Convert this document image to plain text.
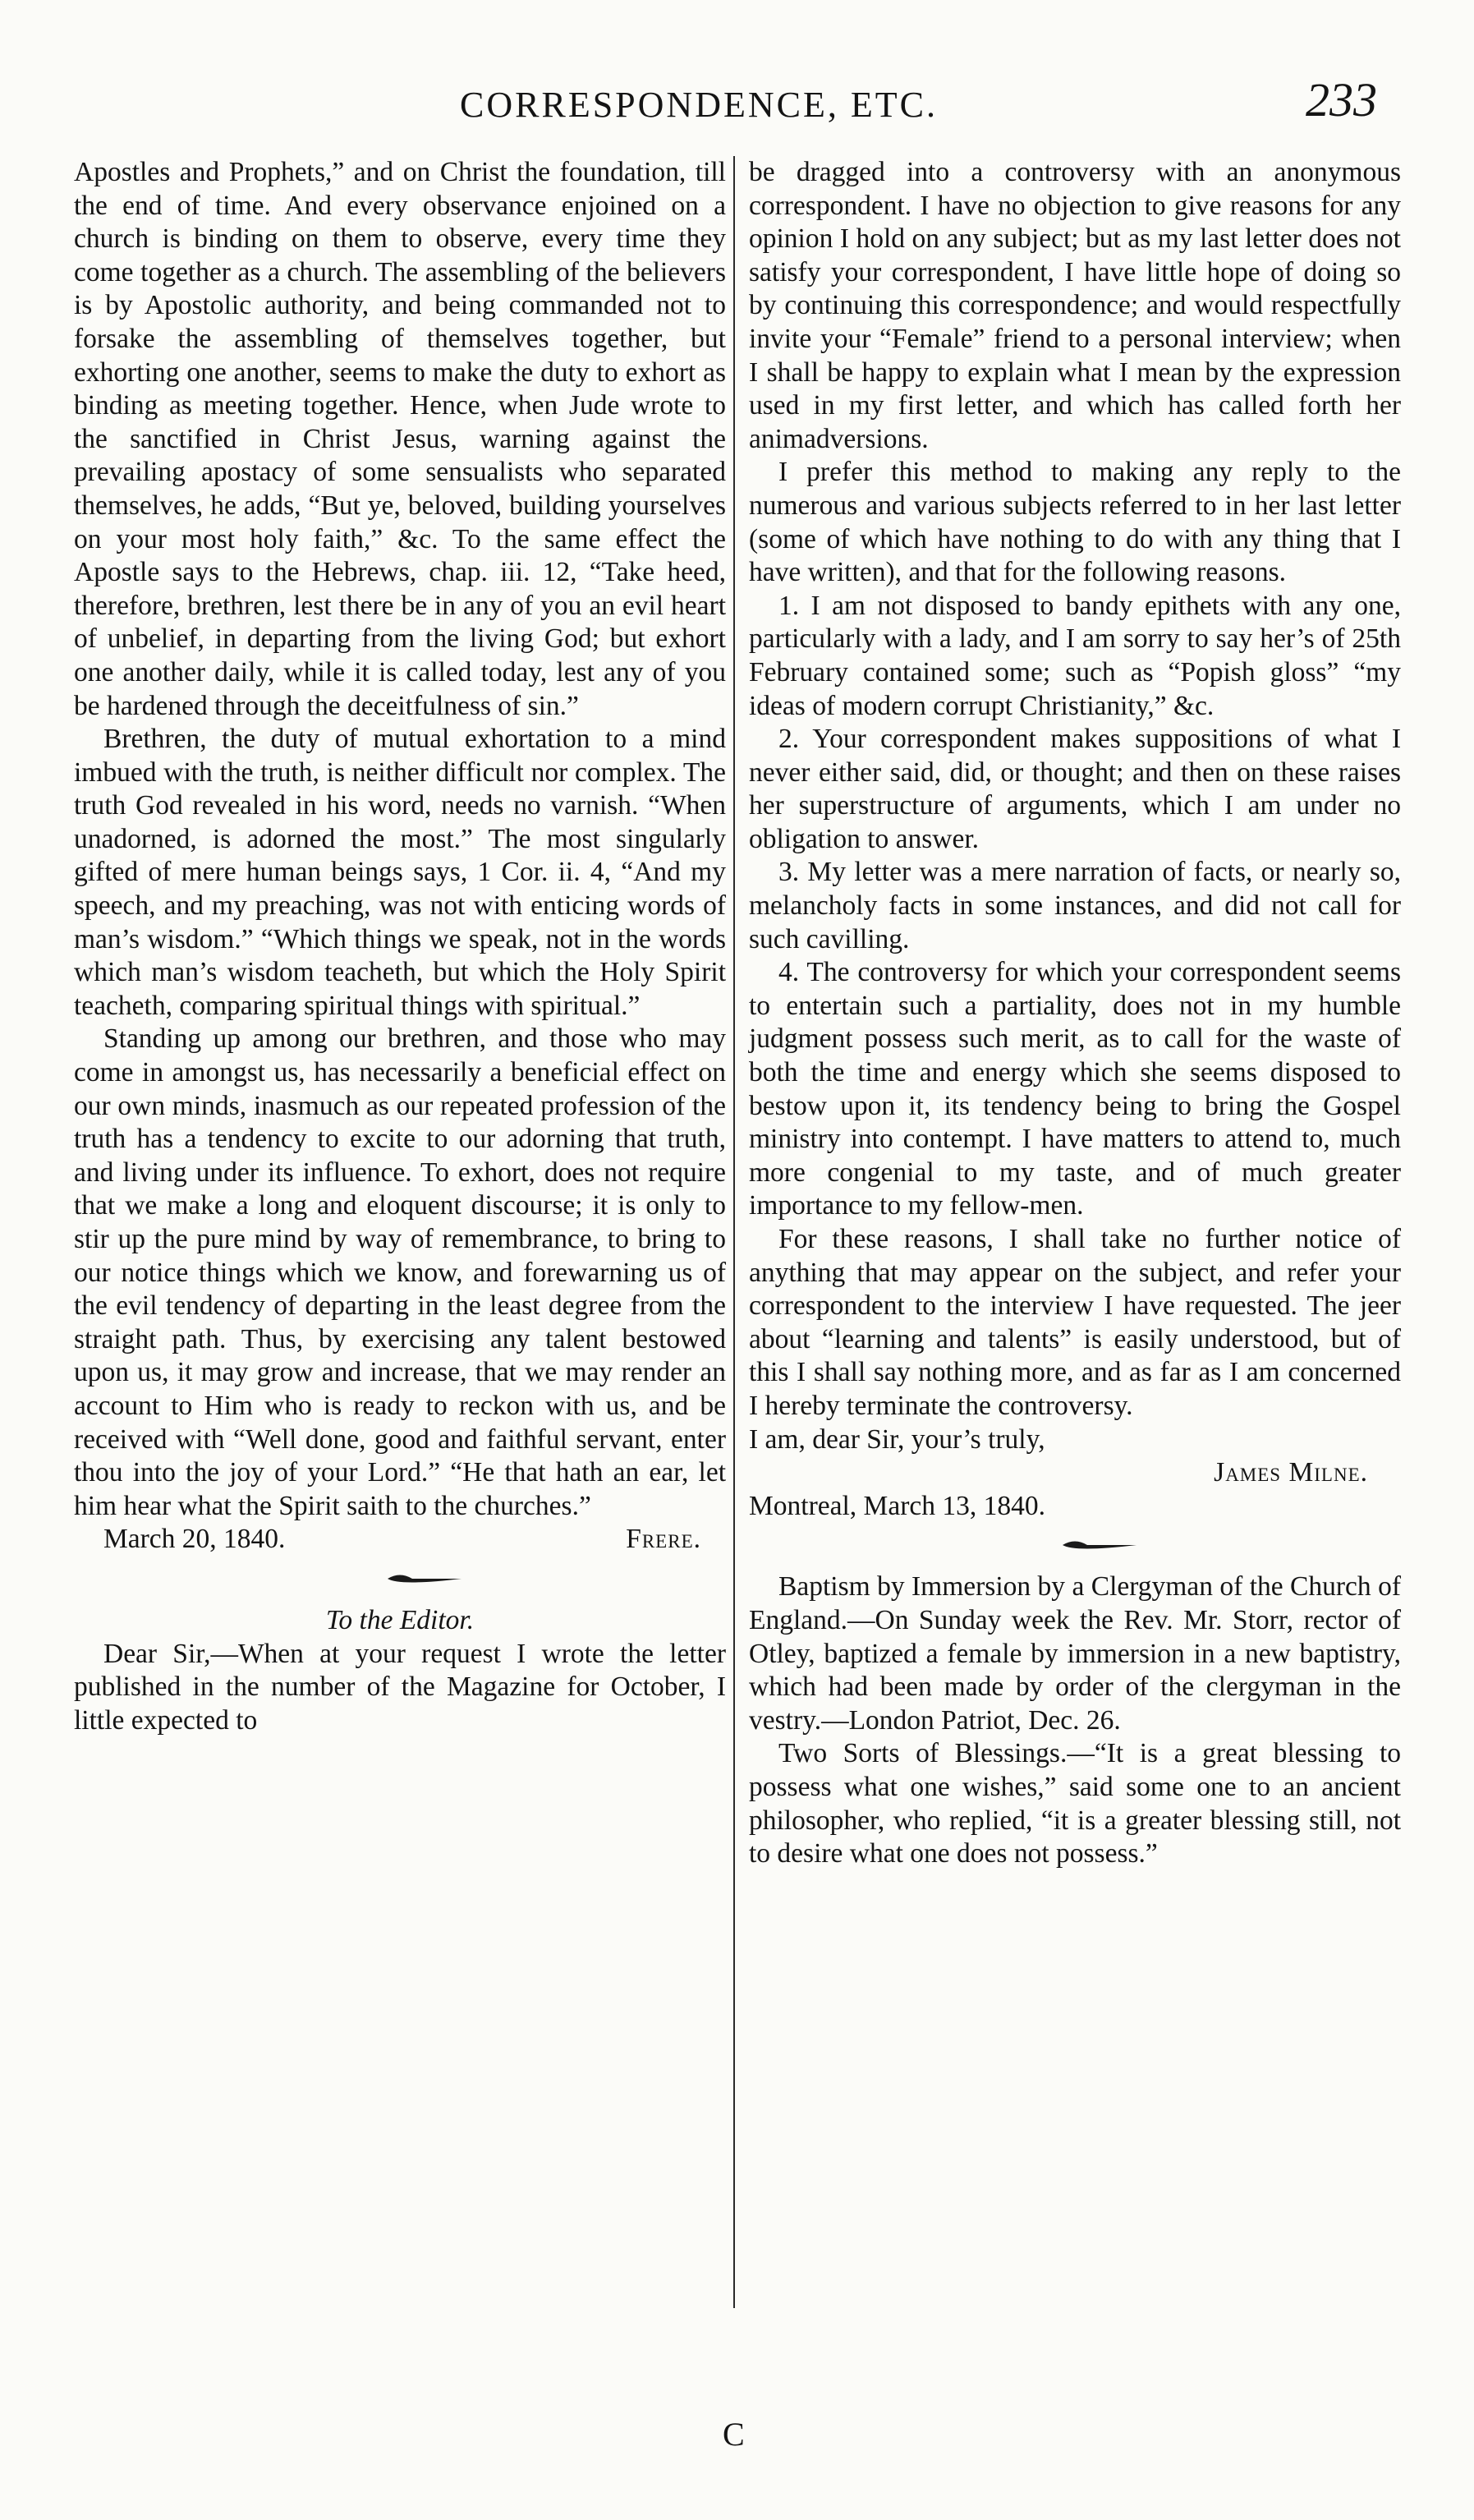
CORRESPONDENCE, ETC.	233

Apostles and Prophets,” and on Christ the foundation, till the end of time. And every observance enjoined on a church is binding on them to observe, every time they come together as a church. The assembling of the believers is by Apostolic authority, and being commanded not to forsake the assembling of themselves together, but exhorting one another, seems to make the duty to exhort as binding as meeting together. Hence, when Jude wrote to the sanctified in Christ Jesus, warning against the prevailing apostacy of some sensualists who separated themselves, he adds, “But ye, beloved, building yourselves on your most holy faith,” &c. To the same effect the Apostle says to the Hebrews, chap. iii. 12, “Take heed, therefore, brethren, lest there be in any of you an evil heart of unbelief, in departing from the living God; but exhort one another daily, while it is called today, lest any of you be hardened through the deceitfulness of sin.”

Brethren, the duty of mutual exhortation to a mind imbued with the truth, is neither difficult nor complex. The truth God revealed in his word, needs no varnish. “When unadorned, is adorned the most.” The most singularly gifted of mere human beings says, 1 Cor. ii. 4, “And my speech, and my preaching, was not with enticing words of man’s wisdom.” “Which things we speak, not in the words which man’s wisdom teacheth, but which the Holy Spirit teacheth, comparing spiritual things with spiritual.”

Standing up among our brethren, and those who may come in amongst us, has necessarily a beneficial effect on our own minds, inasmuch as our repeated profession of the truth has a tendency to excite to our adorning that truth, and living under its influence. To exhort, does not require that we make a long and eloquent discourse; it is only to stir up the pure mind by way of remembrance, to bring to our notice things which we know, and forewarning us of the evil tendency of departing in the least degree from the straight path. Thus, by exercising any talent bestowed upon us, it may grow and increase, that we may render an account to Him who is ready to reckon with us, and be received with “Well done, good and faithful servant, enter thou into the joy of your Lord.” “He that hath an ear, let him hear what the Spirit saith to the churches.”

March 20, 1840.	Frere.

To the Editor.

Dear Sir,—When at your request I wrote the letter published in the number of the Magazine for October, I little expected to

be dragged into a controversy with an anonymous correspondent. I have no objection to give reasons for any opinion I hold on any subject; but as my last letter does not satisfy your correspondent, I have little hope of doing so by continuing this correspondence; and would respectfully invite your “Female” friend to a personal interview; when I shall be happy to explain what I mean by the expression used in my first letter, and which has called forth her animadversions.

I prefer this method to making any reply to the numerous and various subjects referred to in her last letter (some of which have nothing to do with any thing that I have written), and that for the following reasons.

1. I am not disposed to bandy epithets with any one, particularly with a lady, and I am sorry to say her’s of 25th February contained some; such as “Popish gloss” “my ideas of modern corrupt Christianity,” &c.

2. Your correspondent makes suppositions of what I never either said, did, or thought; and then on these raises her superstructure of arguments, which I am under no obligation to answer.

3. My letter was a mere narration of facts, or nearly so, melancholy facts in some instances, and did not call for such cavilling.

4. The controversy for which your correspondent seems to entertain such a partiality, does not in my humble judgment possess such merit, as to call for the waste of both the time and energy which she seems disposed to bestow upon it, its tendency being to bring the Gospel ministry into contempt. I have matters to attend to, much more congenial to my taste, and of much greater importance to my fellow-men.

For these reasons, I shall take no further notice of anything that may appear on the subject, and refer your correspondent to the interview I have requested. The jeer about “learning and talents” is easily understood, but of this I shall say nothing more, and as far as I am concerned I hereby terminate the controversy.

I am, dear Sir, your’s truly,

James Milne.

Montreal, March 13, 1840.

Baptism by Immersion by a Clergyman of the Church of England.—On Sunday week the Rev. Mr. Storr, rector of Otley, baptized a female by immersion in a new baptistry, which had been made by order of the clergyman in the vestry.—London Patriot, Dec. 26.

Two Sorts of Blessings.—“It is a great blessing to possess what one wishes,” said some one to an ancient philosopher, who replied, “it is a greater blessing still, not to desire what one does not possess.”

C
